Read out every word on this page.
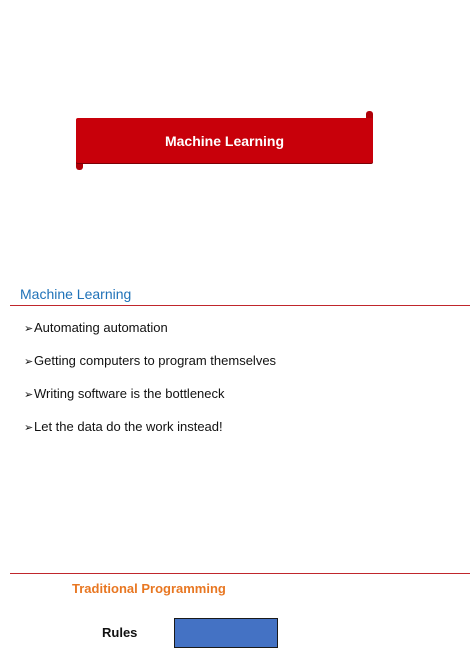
Machine Learning
Machine Learning
➢ Automating automation
➢ Getting computers to program themselves
➢ Writing software is the bottleneck
➢ Let the data do the work instead!
Traditional Programming
Rules
